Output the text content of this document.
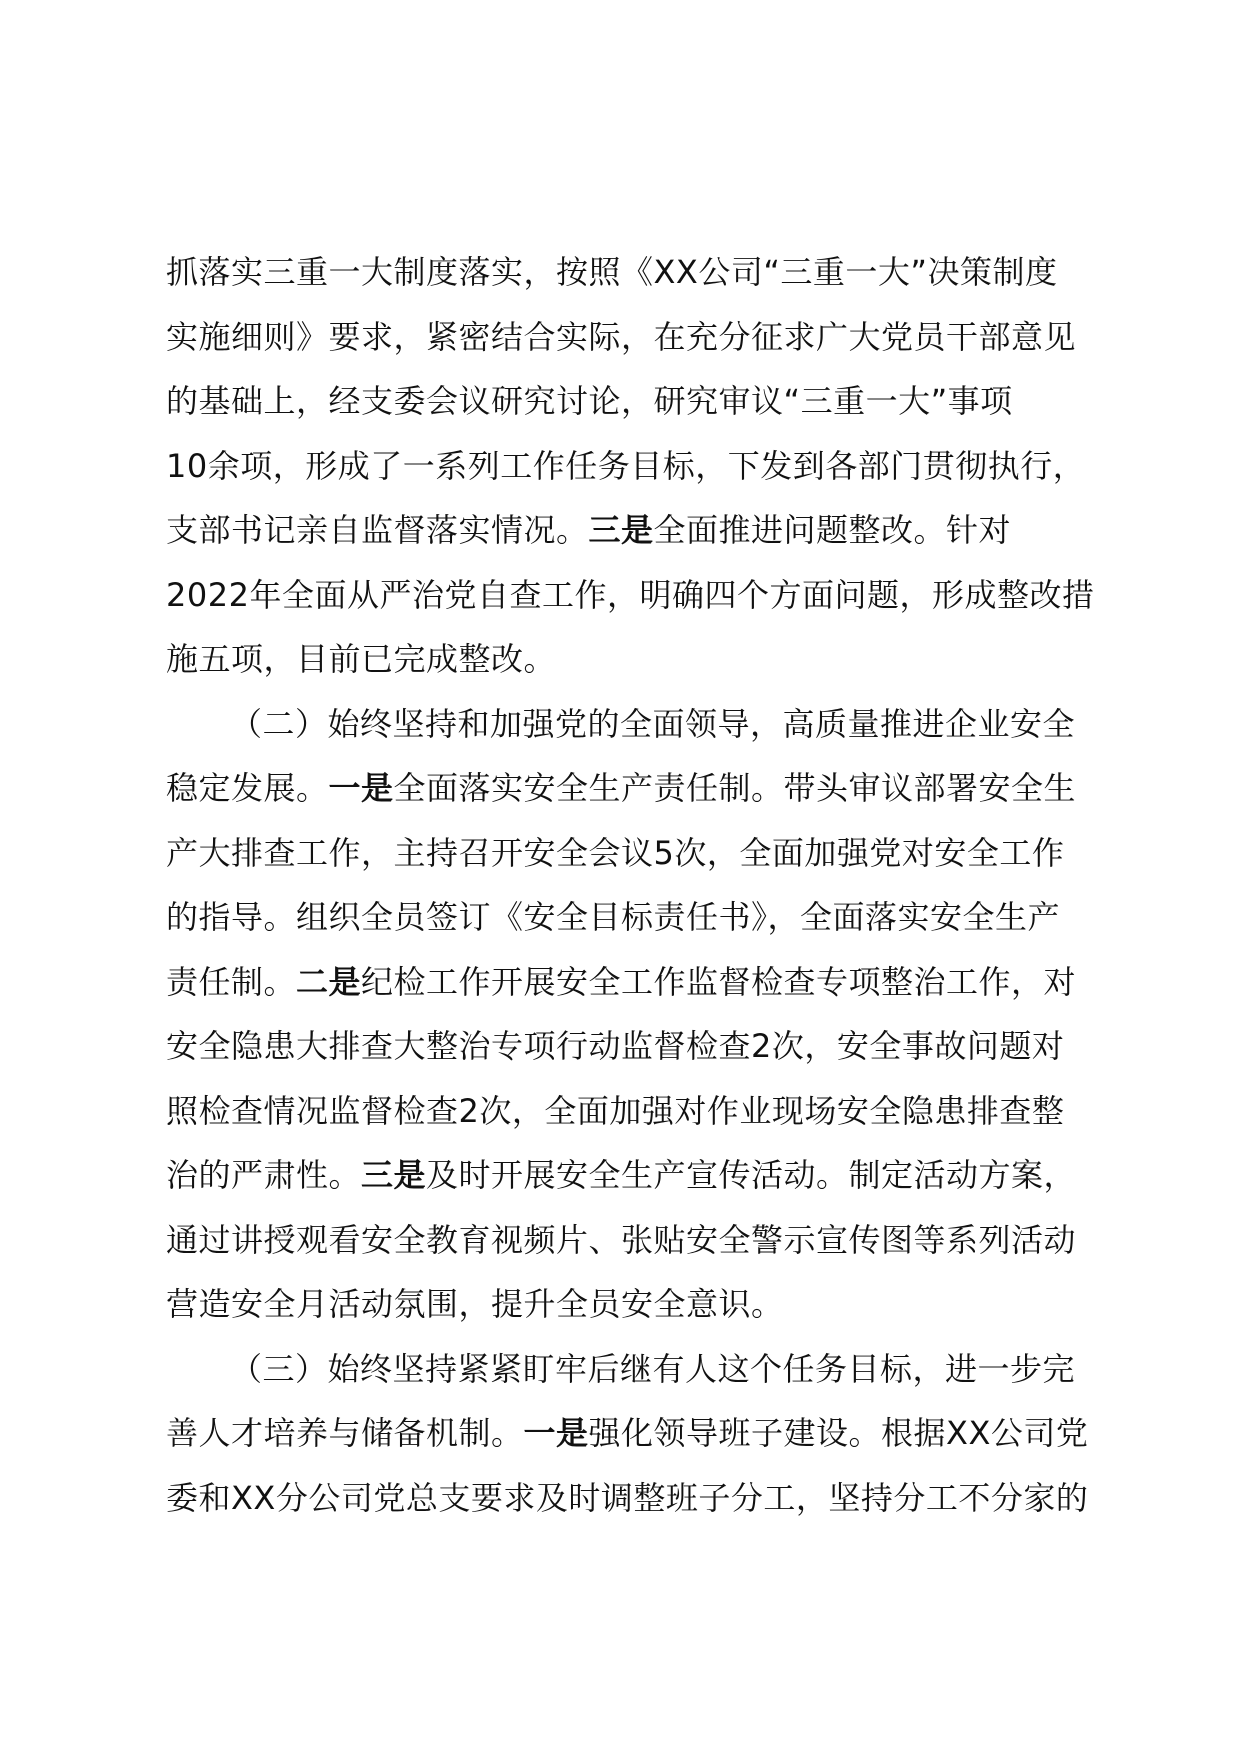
抓落实三重一大制度落实，按照《XX公司“三重一大”决策制度
实施细则》要求，紧密结合实际，在充分征求广大党员干部意见
的基础上，经支委会议研究讨论，研究审议“三重一大”事项
10余项，形成了一系列工作任务目标，下发到各部门贯彻执行，
支部书记亲自监督落实情况。三是全面推进问题整改。针对
2022年全面从严治党自查工作，明确四个方面问题，形成整改措
施五项，目前已完成整改。
（二）始终坚持和加强党的全面领导，高质量推进企业安全
稳定发展。一是全面落实安全生产责任制。带头审议部署安全生
产大排查工作，主持召开安全会议5次，全面加强党对安全工作
的指导。组织全员签订《安全目标责任书》，全面落实安全生产
责任制。二是纪检工作开展安全工作监督检查专项整治工作，对
安全隐患大排查大整治专项行动监督检查2次，安全事故问题对
照检查情况监督检查2次，全面加强对作业现场安全隐患排查整
治的严肃性。三是及时开展安全生产宣传活动。制定活动方案，
通过讲授观看安全教育视频片、张贴安全警示宣传图等系列活动
营造安全月活动氛围，提升全员安全意识。
（三）始终坚持紧紧盯牢后继有人这个任务目标，进一步完
善人才培养与储备机制。一是强化领导班子建设。根据XX公司党
委和XX分公司党总支要求及时调整班子分工，坚持分工不分家的
